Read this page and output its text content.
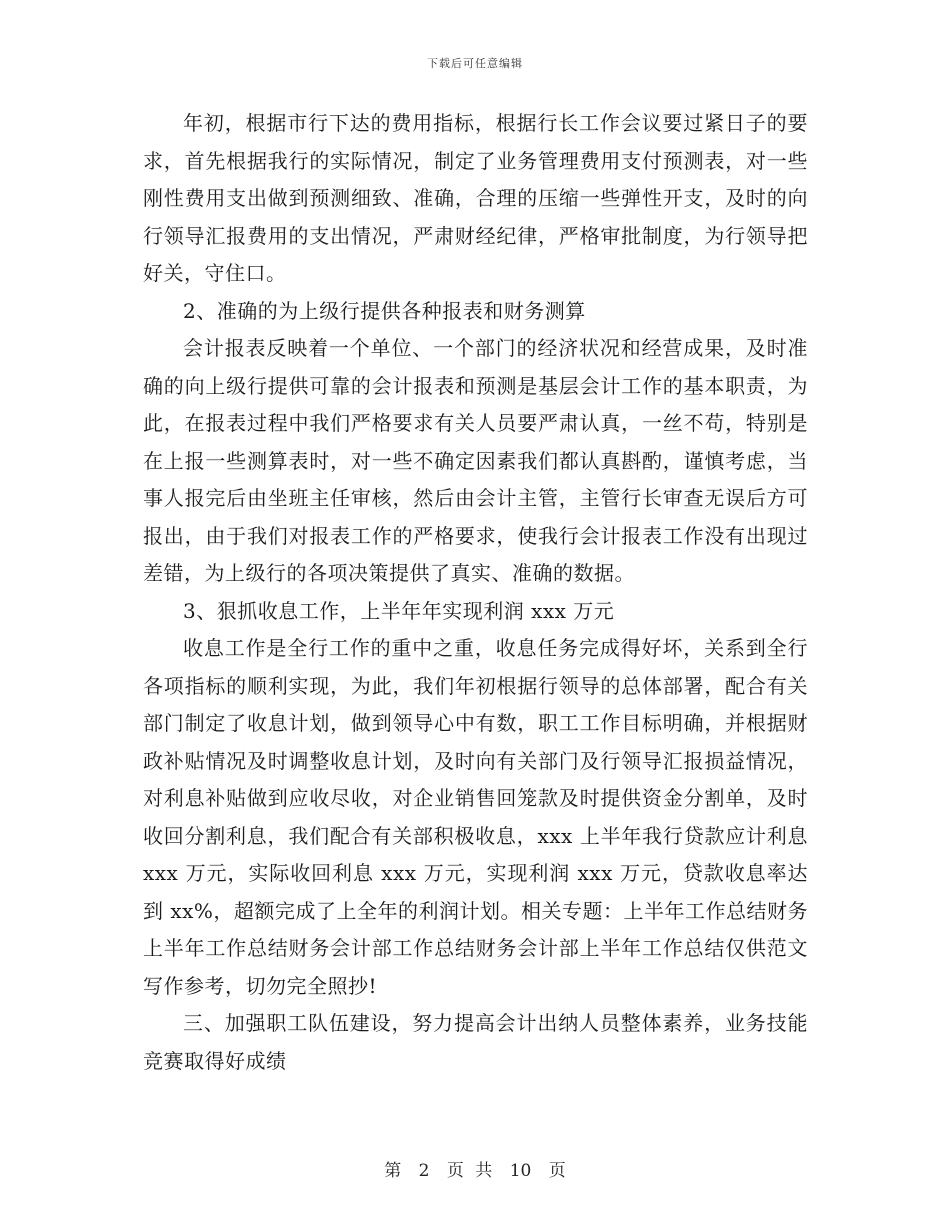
下载后可任意编辑

年初，根据市行下达的费用指标，根据行长工作会议要过紧日子的要求，首先根据我行的实际情况，制定了业务管理费用支付预测表，对一些刚性费用支出做到预测细致、准确，合理的压缩一些弹性开支，及时的向行领导汇报费用的支出情况，严肃财经纪律，严格审批制度，为行领导把好关，守住口。

2、准确的为上级行提供各种报表和财务测算

会计报表反映着一个单位、一个部门的经济状况和经营成果，及时准确的向上级行提供可靠的会计报表和预测是基层会计工作的基本职责，为此，在报表过程中我们严格要求有关人员要严肃认真，一丝不苟，特别是在上报一些测算表时，对一些不确定因素我们都认真斟酌，谨慎考虑，当事人报完后由坐班主任审核，然后由会计主管，主管行长审查无误后方可报出，由于我们对报表工作的严格要求，使我行会计报表工作没有出现过差错，为上级行的各项决策提供了真实、准确的数据。

3、狠抓收息工作，上半年年实现利润 xxx 万元

收息工作是全行工作的重中之重，收息任务完成得好坏，关系到全行各项指标的顺利实现，为此，我们年初根据行领导的总体部署，配合有关部门制定了收息计划，做到领导心中有数，职工工作目标明确，并根据财政补贴情况及时调整收息计划，及时向有关部门及行领导汇报损益情况，对利息补贴做到应收尽收，对企业销售回笼款及时提供资金分割单，及时收回分割利息，我们配合有关部积极收息，xxx 上半年我行贷款应计利息 xxx 万元，实际收回利息 xxx 万元，实现利润 xxx 万元，贷款收息率达到 xx%，超额完成了上全年的利润计划。相关专题：上半年工作总结财务上半年工作总结财务会计部工作总结财务会计部上半年工作总结仅供范文写作参考，切勿完全照抄!

三、加强职工队伍建设，努力提高会计出纳人员整体素养，业务技能竞赛取得好成绩

第 2 页 共 10 页
